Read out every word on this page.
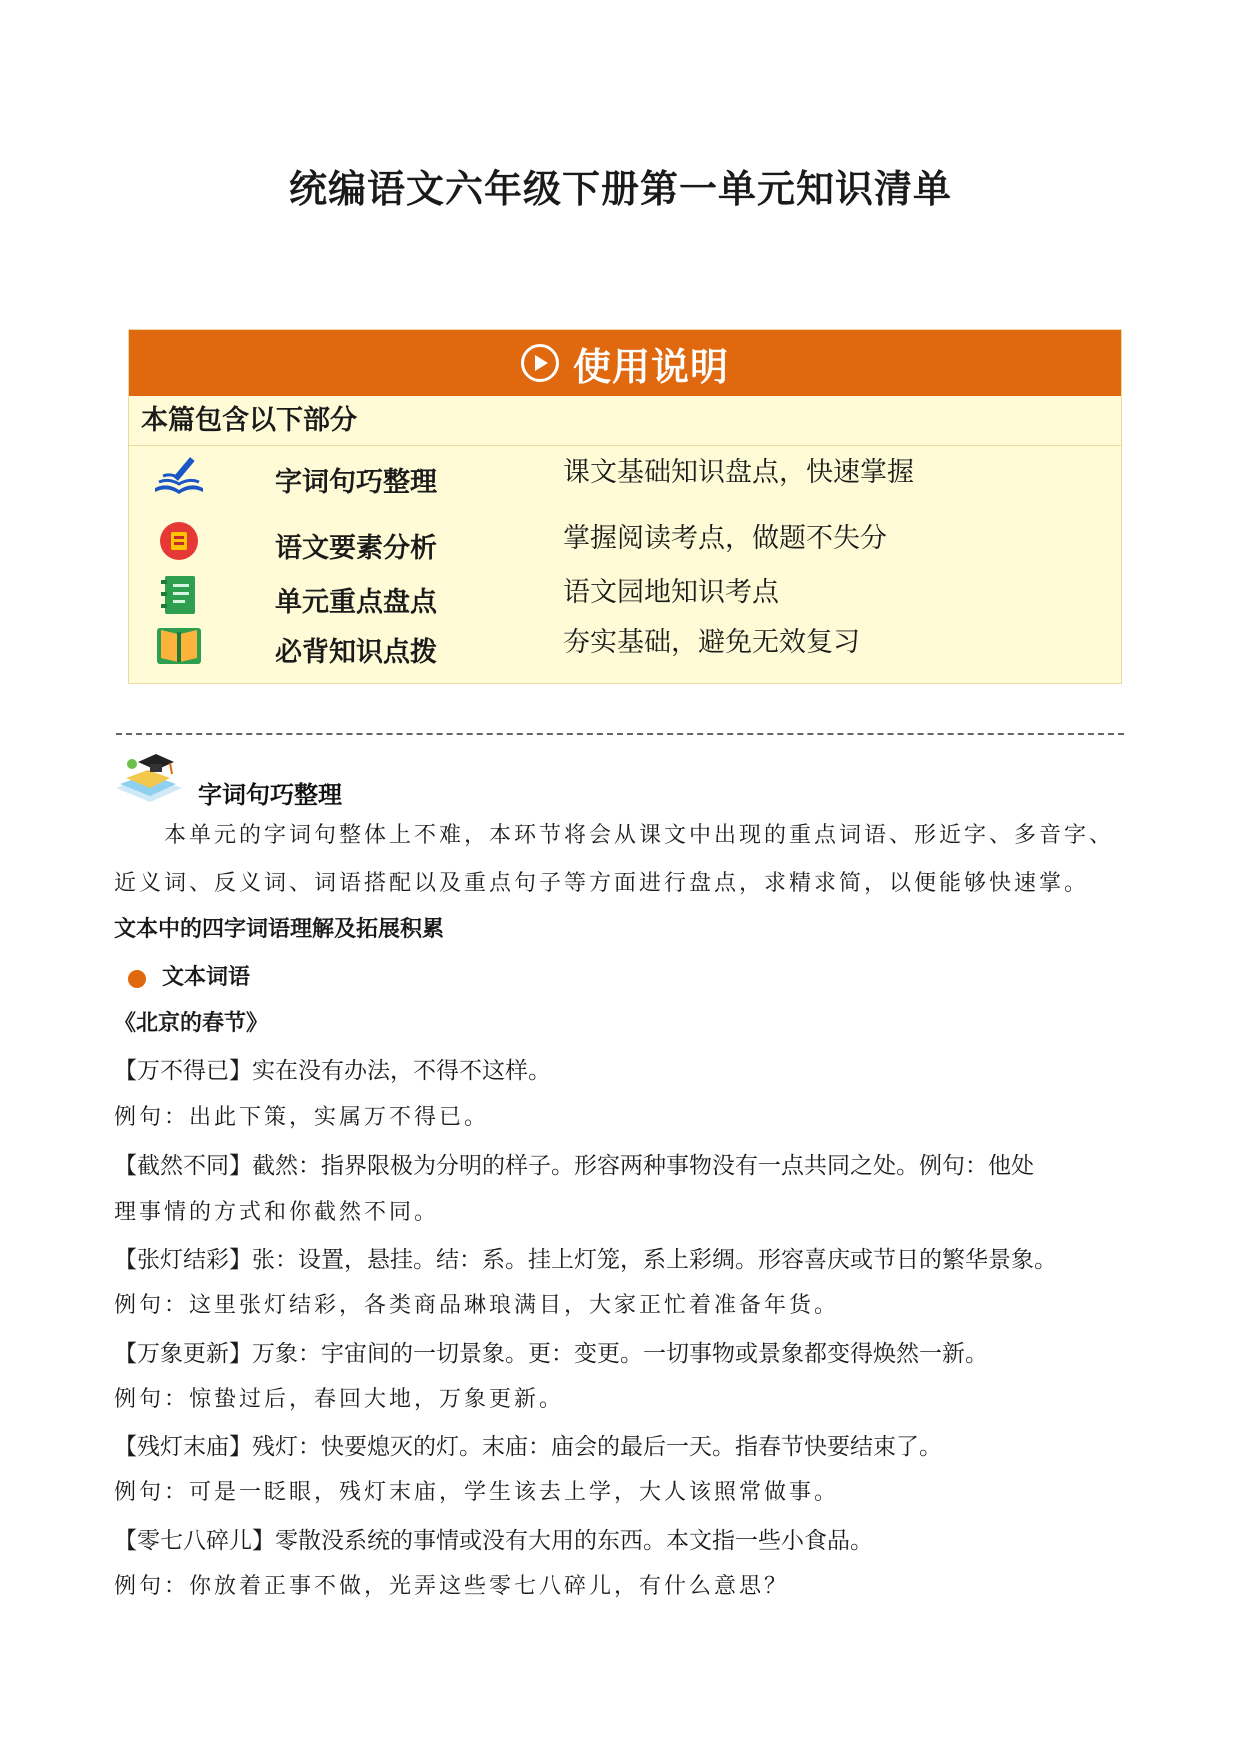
统编语文六年级下册第一单元知识清单
使用说明
本篇包含以下部分
字词句巧整理	课文基础知识盘点，快速掌握
语文要素分析	掌握阅读考点，做题不失分
单元重点盘点	语文园地知识考点
必背知识点拨	夯实基础，避免无效复习
字词句巧整理
本单元的字词句整体上不难，本环节将会从课文中出现的重点词语、形近字、多音字、
近义词、反义词、词语搭配以及重点句子等方面进行盘点，求精求简，以便能够快速掌。
文本中的四字词语理解及拓展积累
文本词语
《北京的春节》
【万不得已】实在没有办法，不得不这样。
例句：出此下策，实属万不得已。
【截然不同】截然：指界限极为分明的样子。形容两种事物没有一点共同之处。例句：他处
理事情的方式和你截然不同。
【张灯结彩】张：设置，悬挂。结：系。挂上灯笼，系上彩绸。形容喜庆或节日的繁华景象。
例句：这里张灯结彩，各类商品琳琅满目，大家正忙着准备年货。
【万象更新】万象：宇宙间的一切景象。更：变更。一切事物或景象都变得焕然一新。
例句：惊蛰过后，春回大地，万象更新。
【残灯末庙】残灯：快要熄灭的灯。末庙：庙会的最后一天。指春节快要结束了。
例句：可是一眨眼，残灯末庙，学生该去上学，大人该照常做事。
【零七八碎儿】零散没系统的事情或没有大用的东西。本文指一些小食品。
例句：你放着正事不做，光弄这些零七八碎儿，有什么意思？
